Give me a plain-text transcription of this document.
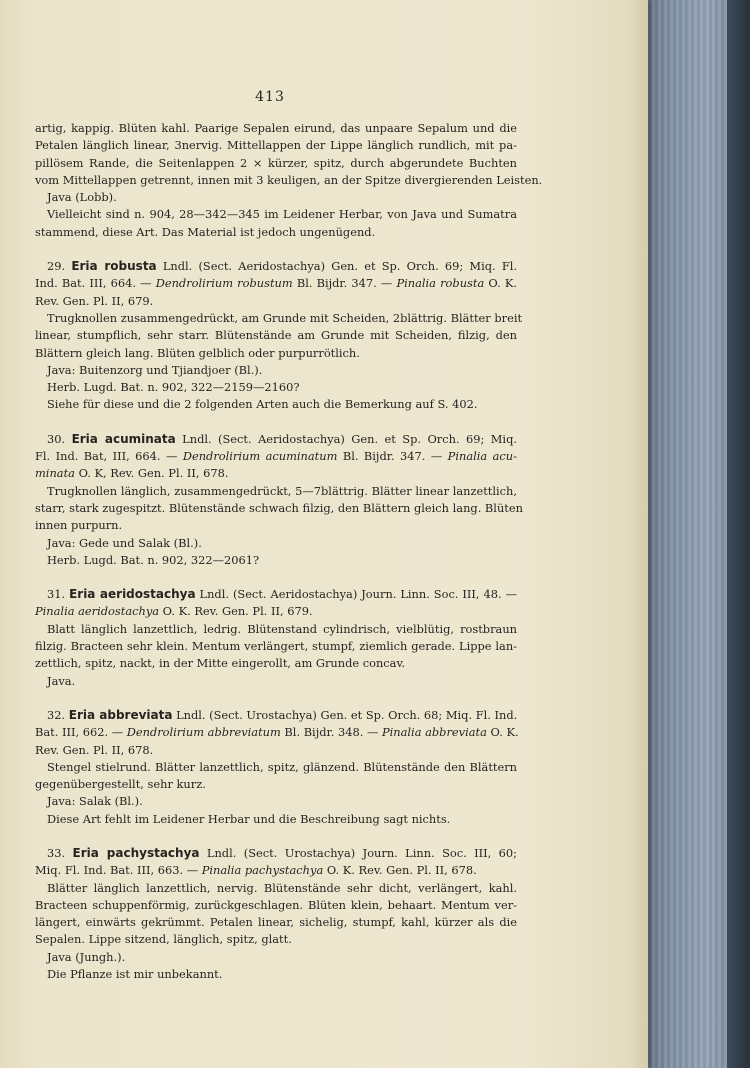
413
artig, kappig. Blüten kahl. Paarige Sepalen eirund, das unpaare Sepalum und die
Petalen länglich linear, 3nervig. Mittellappen der Lippe länglich rundlich, mit pa-
pillösem Rande, die Seitenlappen 2 × kürzer, spitz, durch abgerundete Buchten
vom Mittellappen getrennt, innen mit 3 keuligen, an der Spitze divergierenden Leisten.
Java (Lobb).
Vielleicht sind n. 904, 28—342—345 im Leidener Herbar, von Java und Sumatra
stammend, diese Art. Das Material ist jedoch ungenügend.
29. Eria robusta Lndl. (Sect. Aeridostachya) Gen. et Sp. Orch. 69; Miq. Fl.
Ind. Bat. III, 664. — Dendrolirium robustum Bl. Bijdr. 347. — Pinalia robusta O. K.
Rev. Gen. Pl. II, 679.
Trugknollen zusammengedrückt, am Grunde mit Scheiden, 2blättrig. Blätter breit
linear, stumpflich, sehr starr. Blütenstände am Grunde mit Scheiden, filzig, den
Blättern gleich lang. Blüten gelblich oder purpurrötlich.
Java: Buitenzorg und Tjiandjoer (Bl.).
Herb. Lugd. Bat. n. 902, 322—2159—2160?
Siehe für diese und die 2 folgenden Arten auch die Bemerkung auf S. 402.
30. Eria acuminata Lndl. (Sect. Aeridostachya) Gen. et Sp. Orch. 69; Miq.
Fl. Ind. Bat, III, 664. — Dendrolirium acuminatum Bl. Bijdr. 347. — Pinalia acu-
minata O. K, Rev. Gen. Pl. II, 678.
Trugknollen länglich, zusammengedrückt, 5—7blättrig. Blätter linear lanzettlich,
starr, stark zugespitzt. Blütenstände schwach filzig, den Blättern gleich lang. Blüten
innen purpurn.
Java: Gede und Salak (Bl.).
Herb. Lugd. Bat. n. 902, 322—2061?
31. Eria aeridostachya Lndl. (Sect. Aeridostachya) Journ. Linn. Soc. III, 48. —
Pinalia aeridostachya O. K. Rev. Gen. Pl. II, 679.
Blatt länglich lanzettlich, ledrig. Blütenstand cylindrisch, vielblütig, rostbraun
filzig. Bracteen sehr klein. Mentum verlängert, stumpf, ziemlich gerade. Lippe lan-
zettlich, spitz, nackt, in der Mitte eingerollt, am Grunde concav.
Java.
32. Eria abbreviata Lndl. (Sect. Urostachya) Gen. et Sp. Orch. 68; Miq. Fl. Ind.
Bat. III, 662. — Dendrolirium abbreviatum Bl. Bijdr. 348. — Pinalia abbreviata O. K.
Rev. Gen. Pl. II, 678.
Stengel stielrund. Blätter lanzettlich, spitz, glänzend. Blütenstände den Blättern
gegenübergestellt, sehr kurz.
Java: Salak (Bl.).
Diese Art fehlt im Leidener Herbar und die Beschreibung sagt nichts.
33. Eria pachystachya Lndl. (Sect. Urostachya) Journ. Linn. Soc. III, 60;
Miq. Fl. Ind. Bat. III, 663. — Pinalia pachystachya O. K. Rev. Gen. Pl. II, 678.
Blätter länglich lanzettlich, nervig. Blütenstände sehr dicht, verlängert, kahl.
Bracteen schuppenförmig, zurückgeschlagen. Blüten klein, behaart. Mentum ver-
längert, einwärts gekrümmt. Petalen linear, sichelig, stumpf, kahl, kürzer als die
Sepalen. Lippe sitzend, länglich, spitz, glatt.
Java (Jungh.).
Die Pflanze ist mir unbekannt.
